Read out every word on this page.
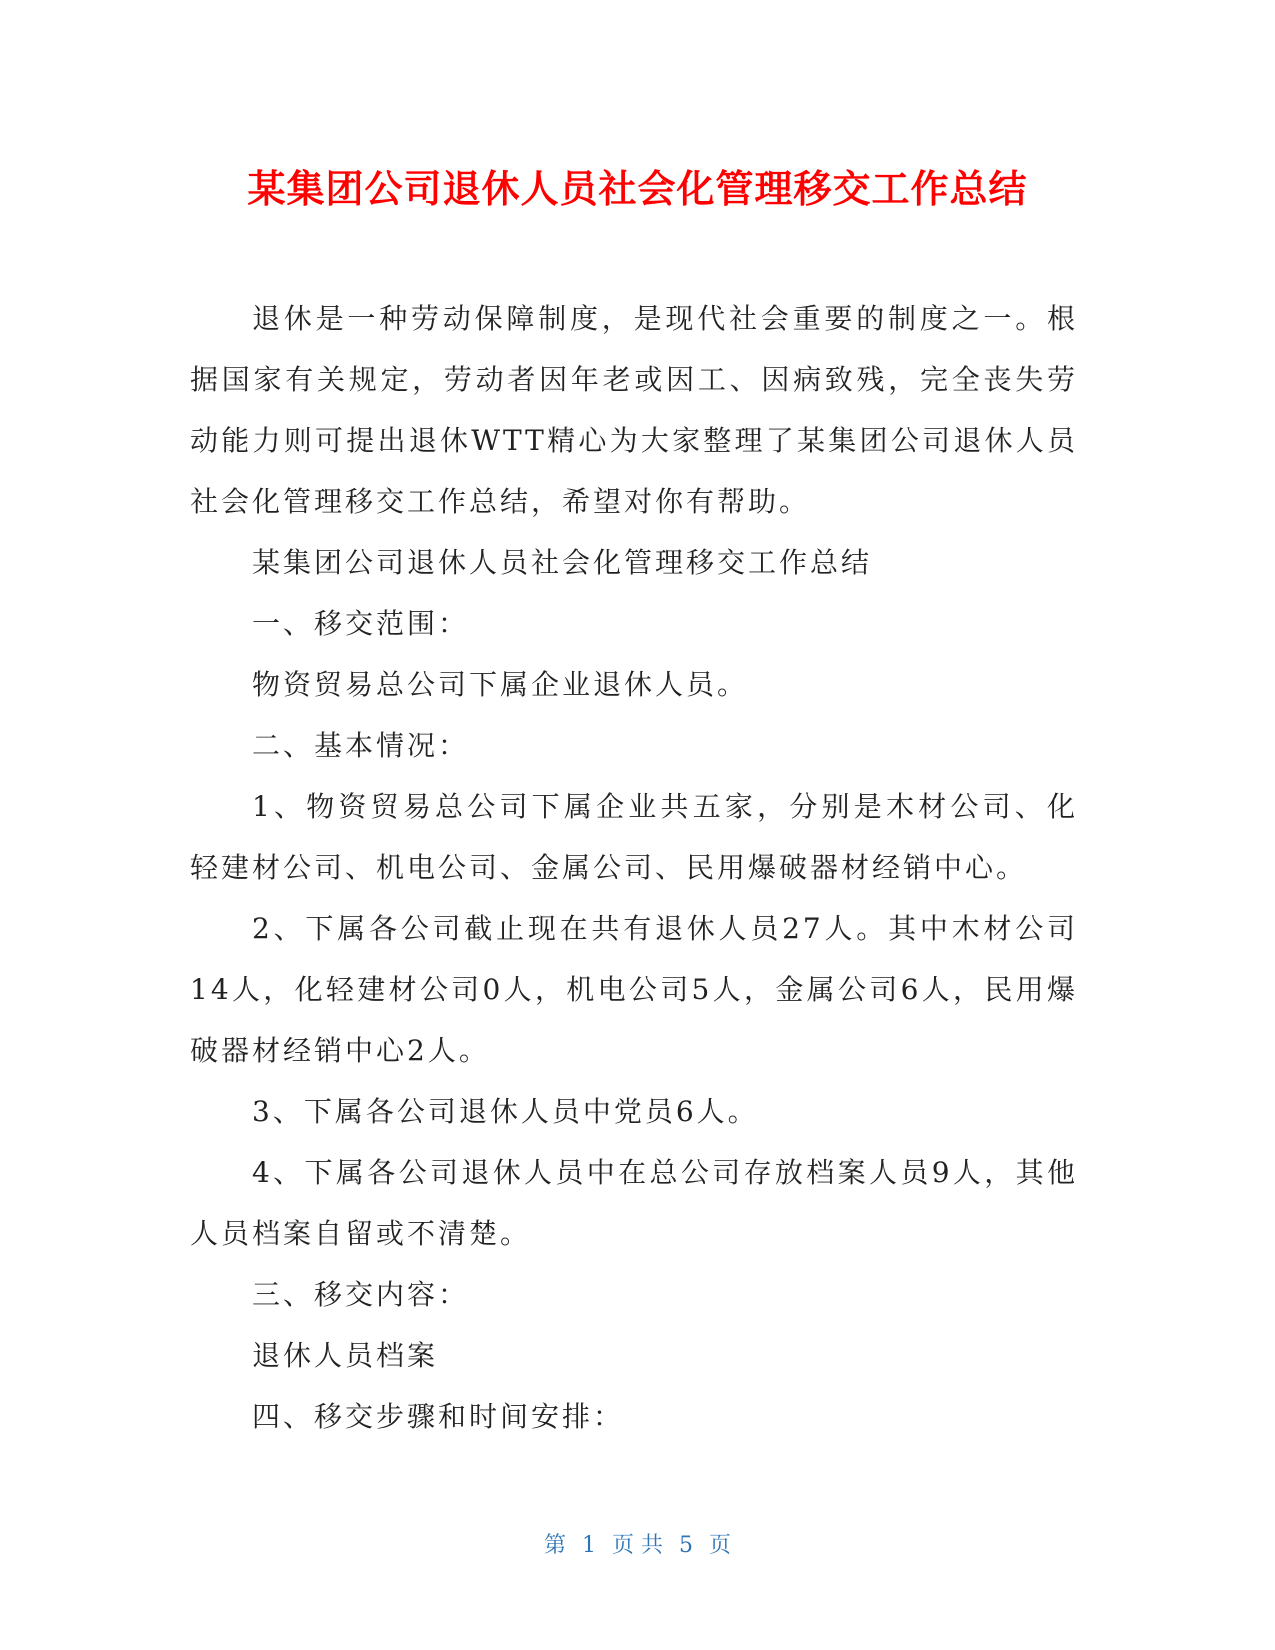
某集团公司退休人员社会化管理移交工作总结

退休是一种劳动保障制度，是现代社会重要的制度之一。根据国家有关规定，劳动者因年老或因工、因病致残，完全丧失劳动能力则可提出退休WTT精心为大家整理了某集团公司退休人员社会化管理移交工作总结，希望对你有帮助。

某集团公司退休人员社会化管理移交工作总结

一、移交范围：

物资贸易总公司下属企业退休人员。

二、基本情况：

1、物资贸易总公司下属企业共五家，分别是木材公司、化轻建材公司、机电公司、金属公司、民用爆破器材经销中心。

2、下属各公司截止现在共有退休人员27人。其中木材公司14人，化轻建材公司0人，机电公司5人，金属公司6人，民用爆破器材经销中心2人。

3、下属各公司退休人员中党员6人。

4、下属各公司退休人员中在总公司存放档案人员9人，其他人员档案自留或不清楚。

三、移交内容：

退休人员档案

四、移交步骤和时间安排：

第 1 页 共 5 页
